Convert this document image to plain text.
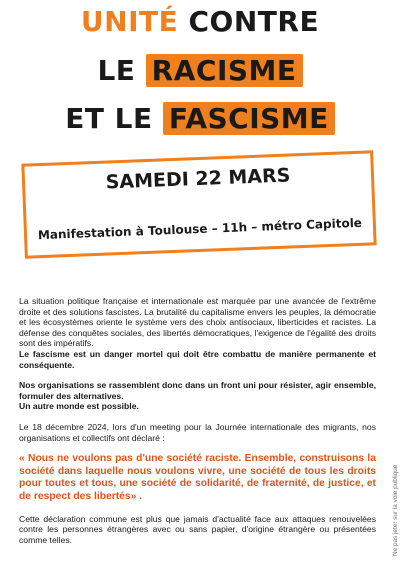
UNITÉ CONTRE
LE RACISME
ET LE FASCISME
SAMEDI 22 MARS
Manifestation à Toulouse – 11h – métro Capitole

La situation politique française et internationale est marquée par une avancée de l'extrême droite et des solutions fascistes. La brutalité du capitalisme envers les peuples, la démocratie et les écosystèmes oriente le système vers des choix antisociaux, liberticides et racistes. La défense des conquêtes sociales, des libertés démocratiques, l'exigence de l'égalité des droits sont des impératifs.
Le fascisme est un danger mortel qui doit être combattu de manière permanente et conséquente.

Nos organisations se rassemblent donc dans un front uni pour résister, agir ensemble, formuler des alternatives.
Un autre monde est possible.

Le 18 décembre 2024, lors d'un meeting pour la Journée internationale des migrants, nos organisations et collectifs ont déclaré :

« Nous ne voulons pas d'une société raciste. Ensemble, construisons la société dans laquelle nous voulons vivre, une société de tous les droits pour toutes et tous, une société de solidarité, de fraternité, de justice, et de respect des libertés» .

Cette déclaration commune est plus que jamais d'actualité face aux attaques renouvelées contre les personnes étrangères avec ou sans papier, d'origine étrangère ou présentées comme telles.	Ne pas jeter sur la voie publique
